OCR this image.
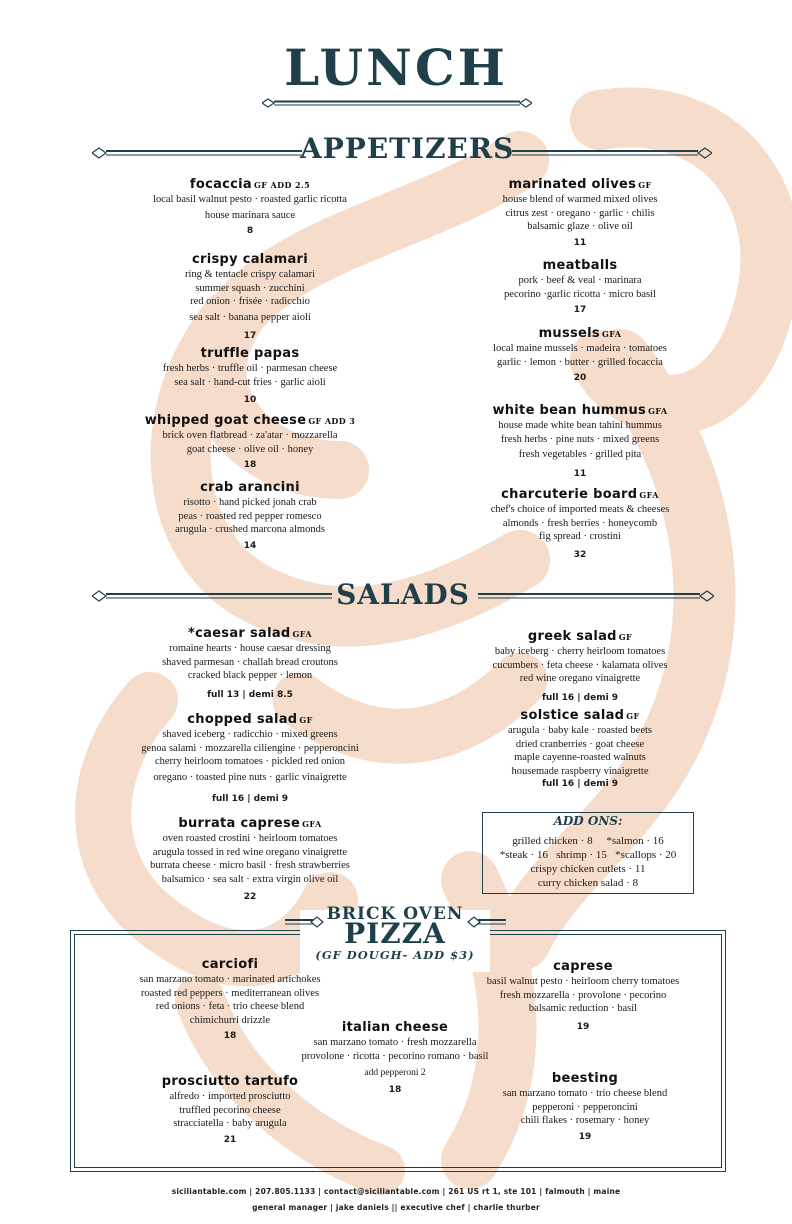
LUNCH
APPETIZERS
focaccia GF ADD 2.5
local basil walnut pesto · roasted garlic ricotta
house marinara sauce
8
crispy calamari
ring & tentacle crispy calamari
summer squash · zucchini
red onion · frisée · radicchio
sea salt · banana pepper aioli
17
truffle papas
fresh herbs · truffle oil · parmesan cheese
sea salt · hand-cut fries · garlic aioli
10
whipped goat cheese GF ADD 3
brick oven flatbread · za'atar · mozzarella
goat cheese · olive oil · honey
18
crab arancini
risotto · hand picked jonah crab
peas · roasted red pepper romesco
arugula · crushed marcona almonds
14
marinated olives GF
house blend of warmed mixed olives
citrus zest · oregano · garlic · chilis
balsamic glaze · olive oil
11
meatballs
pork · beef & veal · marinara
pecorino ·garlic ricotta · micro basil
17
mussels GFA
local maine mussels · madeira · tomatoes
garlic · lemon · butter · grilled focaccia
20
white bean hummus GFA
house made white bean tahini hummus
fresh herbs · pine nuts · mixed greens
fresh vegetables · grilled pita
11
charcuterie board GFA
chef's choice of imported meats & cheeses
almonds · fresh berries · honeycomb
fig spread · crostini
32
SALADS
*caesar salad GFA
romaine hearts · house caesar dressing
shaved parmesan · challah bread croutons
cracked black pepper · lemon
full 13 | demi 8.5
chopped salad GF
shaved iceberg · radicchio · mixed greens
genoa salami · mozzarella ciliengine · pepperoncini
cherry heirloom tomatoes · pickled red onion
oregano · toasted pine nuts · garlic vinaigrette
full 16 | demi 9
burrata caprese GFA
oven roasted crostini · heirloom tomatoes
arugula tossed in red wine oregano vinaigrette
burrata cheese · micro basil · fresh strawberries
balsamico · sea salt · extra virgin olive oil
22
greek salad GF
baby iceberg · cherry heirloom tomatoes
cucumbers · feta cheese · kalamata olives
red wine oregano vinaigrette
full 16 | demi 9
solstice salad GF
arugula · baby kale · roasted beets
dried cranberries · goat cheese
maple cayenne-roasted walnuts
housemade raspberry vinaigrette
full 16 | demi 9
ADD ONS:
grilled chicken · 8     *salmon · 16
*steak · 16   shrimp · 15   *scallops · 20
crispy chicken cutlets · 11
curry chicken salad · 8
BRICK OVEN
PIZZA
(GF DOUGH- ADD $3)
carciofi
san marzano tomato · marinated artichokes
roasted red peppers · mediterranean olives
red onions · feta · trio cheese blend
chimichurri drizzle
18
caprese
basil walnut pesto · heirloom cherry tomatoes
fresh mozzarella · provolone · pecorino
balsamic reduction · basil
19
italian cheese
san marzano tomato · fresh mozzarella
provolone · ricotta · pecorino romano · basil
add pepperoni 2
18
prosciutto tartufo
alfredo · imported prosciutto
truffled pecorino cheese
stracciatella · baby arugula
21
beesting
san marzano tomato · trio cheese blend
pepperoni · pepperoncini
chili flakes · rosemary · honey
19
siciliantable.com | 207.805.1133 | contact@siciliantable.com | 261 US rt 1, ste 101 | falmouth | maine
general manager | jake daniels || executive chef | charlie thurber
